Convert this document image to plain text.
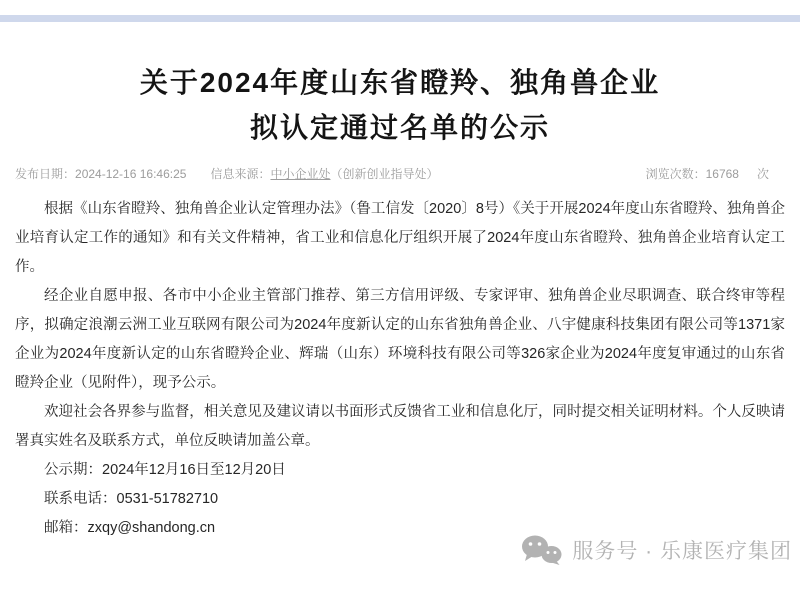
关于2024年度山东省瞪羚、独角兽企业
拟认定通过名单的公示
发布日期：2024-12-16 16:46:25 信息来源：中小企业处（创新创业指导处）	浏览次数：16768 次

根据《山东省瞪羚、独角兽企业认定管理办法》（鲁工信发〔2020〕8号）《关于开展2024年度山东省瞪羚、独角兽企业培育认定工作的通知》和有关文件精神，省工业和信息化厅组织开展了2024年度山东省瞪羚、独角兽企业培育认定工作。

经企业自愿申报、各市中小企业主管部门推荐、第三方信用评级、专家评审、独角兽企业尽职调查、联合终审等程序，拟确定浪潮云洲工业互联网有限公司为2024年度新认定的山东省独角兽企业、八宇健康科技集团有限公司等1371家企业为2024年度新认定的山东省瞪羚企业、辉瑞（山东）环境科技有限公司等326家企业为2024年度复审通过的山东省瞪羚企业（见附件），现予公示。

欢迎社会各界参与监督，相关意见及建议请以书面形式反馈省工业和信息化厅，同时提交相关证明材料。个人反映请署真实姓名及联系方式，单位反映请加盖公章。

公示期：2024年12月16日至12月20日

联系电话：0531-51782710

邮箱：zxqy@shandong.cn

服务号 · 乐康医疗集团
